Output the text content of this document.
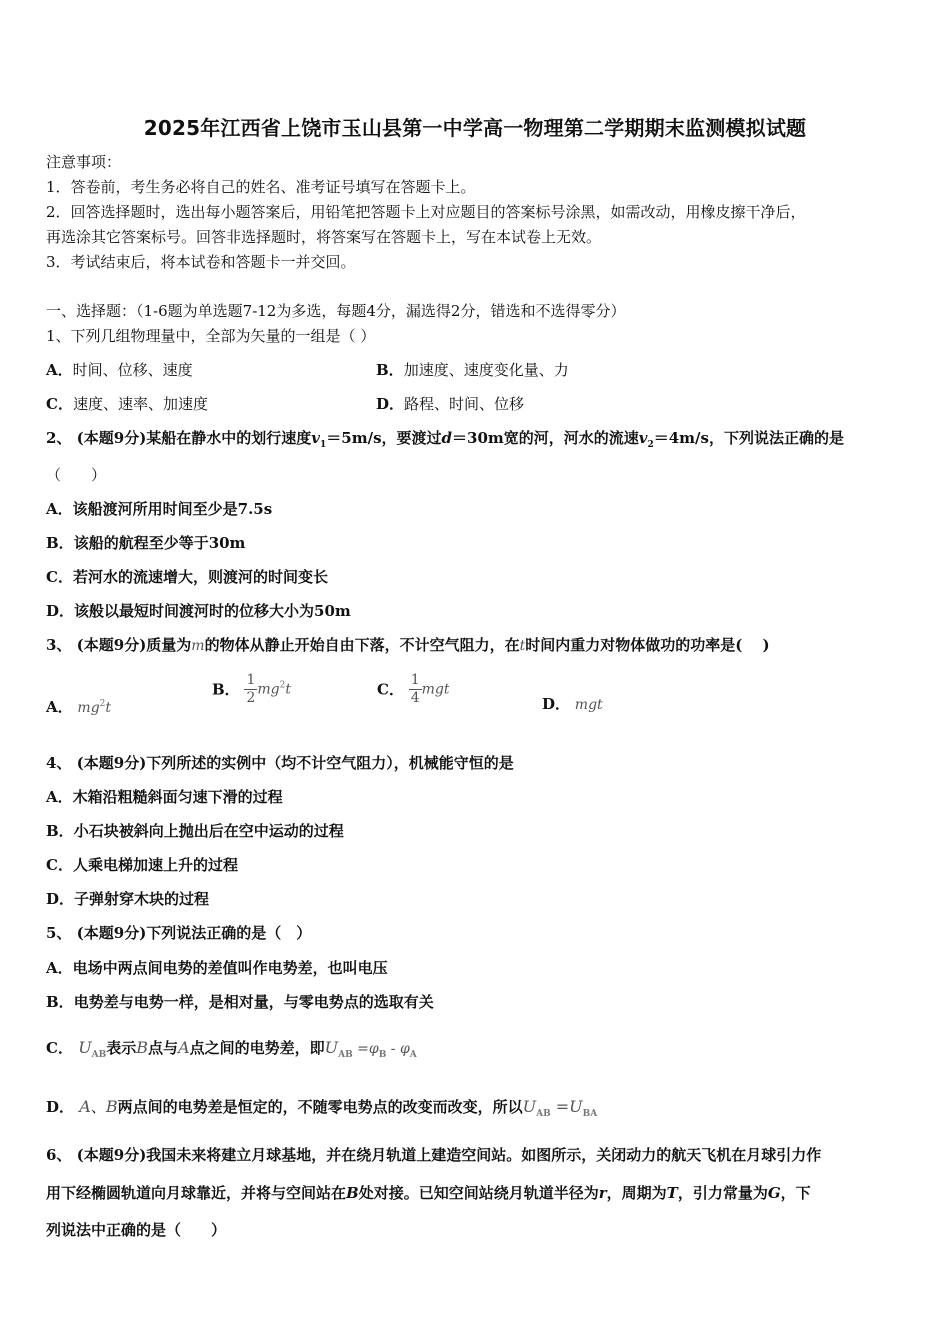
2025年江西省上饶市玉山县第一中学高一物理第二学期期末监测模拟试题
注意事项：
1．答卷前，考生务必将自己的姓名、准考证号填写在答题卡上。
2．回答选择题时，选出每小题答案后，用铅笔把答题卡上对应题目的答案标号涂黑，如需改动，用橡皮擦干净后，
再选涂其它答案标号。回答非选择题时，将答案写在答题卡上，写在本试卷上无效。
3．考试结束后，将本试卷和答题卡一并交回。
一、选择题：（1-6题为单选题7-12为多选，每题4分，漏选得2分，错选和不选得零分）
1、下列几组物理量中，全部为矢量的一组是（ ）
A．时间、位移、速度	B．加速度、速度变化量、力
C．速度、速率、加速度	D．路程、时间、位移
2、 (本题9分)某船在静水中的划行速度$v_1=5m/s$，要渡过d＝30m宽的河，河水的流速$v_2=4m/s$，下列说法正确的是
（　　）
A．该船渡河所用时间至少是7.5s
B．该船的航程至少等于30m
C．若河水的流速增大，则渡河的时间变长
D．该般以最短时间渡河时的位移大小为50m
3、 (本题9分)质量为m的物体从静止开始自由下落，不计空气阻力，在t时间内重力对物体做功的功率是(　 )
A． $mg^2t$
B． $\frac{1}{2} mg^2t$	C． $\frac{1}{4}$ mgt
D． mgt
4、 (本题9分)下列所述的实例中（均不计空气阻力），机械能守恒的是
A．木箱沿粗糙斜面匀速下滑的过程
B．小石块被斜向上抛出后在空中运动的过程
C．人乘电梯加速上升的过程
D．子弹射穿木块的过程
5、 (本题9分)下列说法正确的是（　）
A．电场中两点间电势的差值叫作电势差，也叫电压
B．电势差与电势一样，是相对量，与零电势点的选取有关
C． $U_{AB}$表示B点与A点之间的电势差，即$U_{AB} =\varphi_B - \varphi_A$
D． A、B两点间的电势差是恒定的，不随零电势点的改变而改变，所以$U_{AB} =U_{BA}$
6、 (本题9分)我国未来将建立月球基地，并在绕月轨道上建造空间站。如图所示，关闭动力的航天飞机在月球引力作
用下经椭圆轨道向月球靠近，并将与空间站在B处对接。已知空间站绕月轨道半径为r，周期为T，引力常量为G，下
列说法中正确的是（　　）
